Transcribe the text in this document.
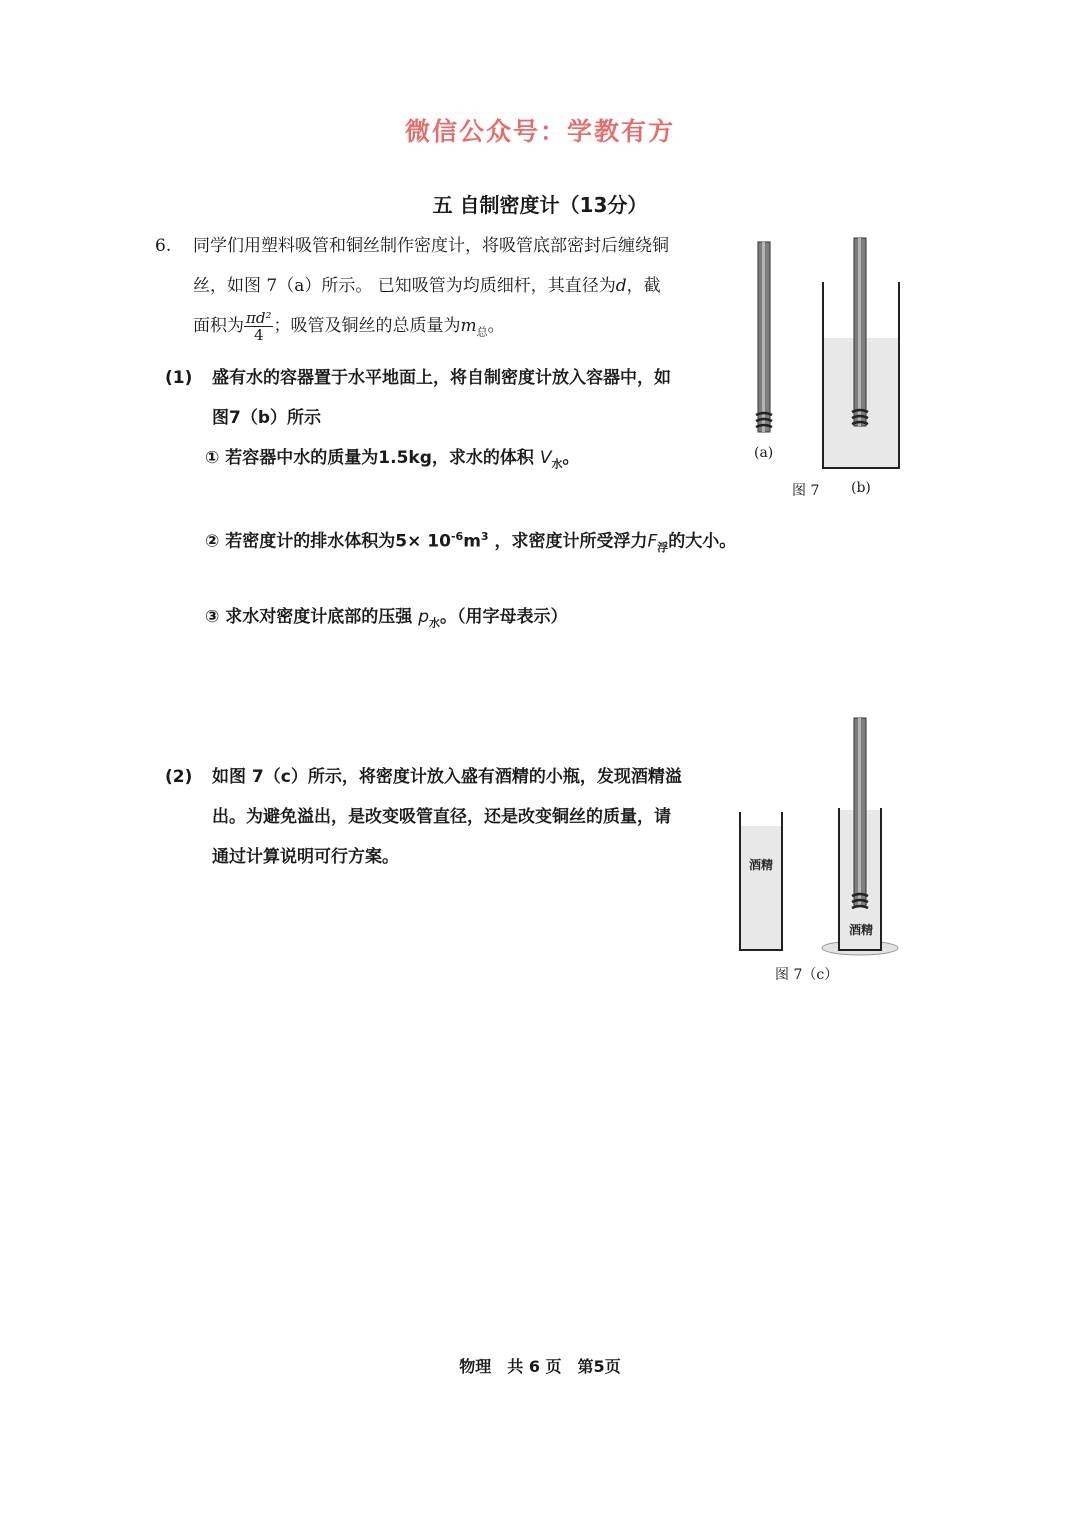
微信公众号：学教有方
五 自制密度计（13分）
6. 同学们用塑料吸管和铜丝制作密度计，将吸管底部密封后缠绕铜
丝，如图 7（a）所示。 已知吸管为均质细杆，其直径为d，截
面积为 $\frac{\text{πd²}}{4}$ ；吸管及铜丝的总质量为$m_总$。
(1) 盛有水的容器置于水平地面上，将自制密度计放入容器中，如
图7（b）所示
① 若容器中水的质量为1.5kg，求水的体积 $V_水$。
② 若密度计的排水体积为$5\times 10^{-6}m^3$ ，求密度计所受浮力$F_浮$的大小。
③ 求水对密度计底部的压强 $p_水$。（用字母表示）
(2) 如图 7（c）所示，将密度计放入盛有酒精的小瓶，发现酒精溢
出。为避免溢出，是改变吸管直径，还是改变铜丝的质量，请
通过计算说明可行方案。
(a)
图 7 (b)
酒精
酒精
图 7（c）
物理　共 6 页　第5页
